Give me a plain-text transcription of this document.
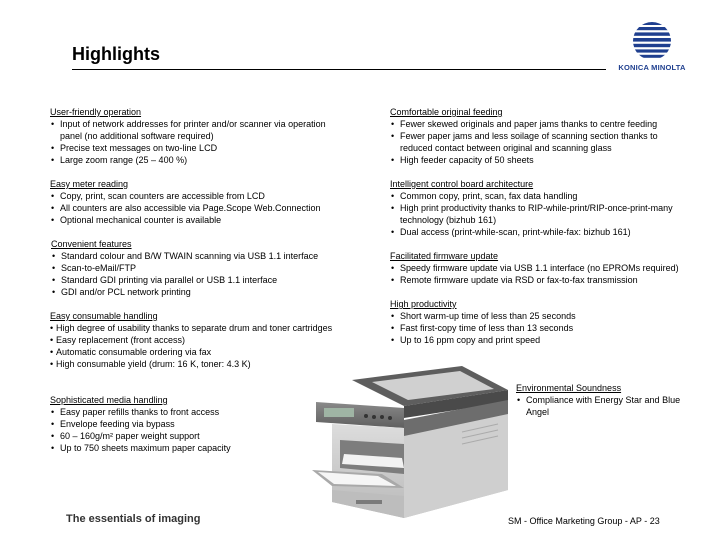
Highlights
KONICA MINOLTA
User-friendly operation
• Input of network addresses for printer and/or scanner via operation panel (no additional software required)
• Precise text messages on two-line LCD
• Large zoom range (25 – 400 %)
Easy meter reading
• Copy, print, scan counters are accessible from LCD
• All counters are also accessible via Page.Scope Web.Connection
• Optional mechanical counter is available
Convenient features
• Standard colour and B/W TWAIN scanning via USB 1.1 interface
• Scan-to-eMail/FTP
• Standard GDI printing via parallel or USB 1.1 interface
• GDI and/or PCL network printing
Easy consumable handling
• High degree of usability thanks to separate drum and toner cartridges
• Easy replacement (front access)
• Automatic consumable ordering via fax
• High consumable yield (drum: 16 K, toner: 4.3 K)
Sophisticated media handling
• Easy paper refills thanks to front access
• Envelope feeding via bypass
• 60 – 160g/m² paper weight support
• Up to 750 sheets maximum paper capacity
Comfortable original feeding
• Fewer skewed originals and paper jams thanks to centre feeding
• Fewer paper jams and less soilage of scanning section thanks to reduced contact between original and scanning glass
• High feeder capacity of 50 sheets
Intelligent control board architecture
• Common copy, print, scan, fax data handling
• High print productivity thanks to RIP-while-print/RIP-once-print-many technology (bizhub 161)
• Dual access (print-while-scan, print-while-fax: bizhub 161)
Facilitated firmware update
• Speedy firmware update via USB 1.1 interface (no EPROMs required)
• Remote firmware update via RSD or fax-to-fax transmission
High productivity
• Short warm-up time of less than 25 seconds
• Fast first-copy time of less than 13 seconds
• Up to 16 ppm copy and print speed
Environmental Soundness
• Compliance with Energy Star and Blue Angel
The essentials of imaging	SM - Office Marketing Group - AP - 23
